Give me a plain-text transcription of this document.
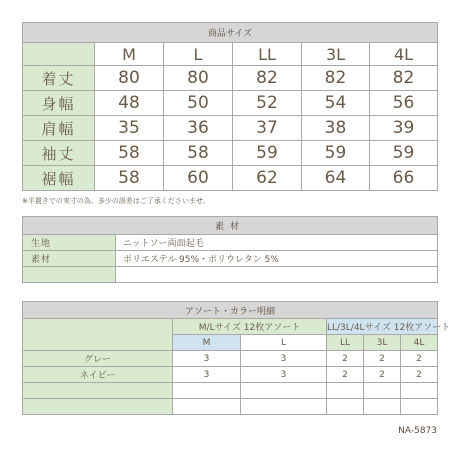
商品サイズ					
	M	L	LL	3L	4L
着丈	80	80	82	82	82
身幅	48	50	52	54	56
肩幅	35	36	37	38	39
袖丈	58	58	59	59	59
裾幅	58	60	62	64	66
※平置きでの実寸の為、多少の誤差はご了承くださいませ。
素材	
生地	ニットソー両面起毛
素材	ポリエステル 95%・ポリウレタン 5%

アソート・カラー明細					
	M/Lサイズ 12枚アソート		LL/3L/4Lサイズ 12枚アソート		
	M	L	LL	3L	4L
グレー	3	3	2	2	2
ネイビー	3	3	2	2	2

NA-5873
